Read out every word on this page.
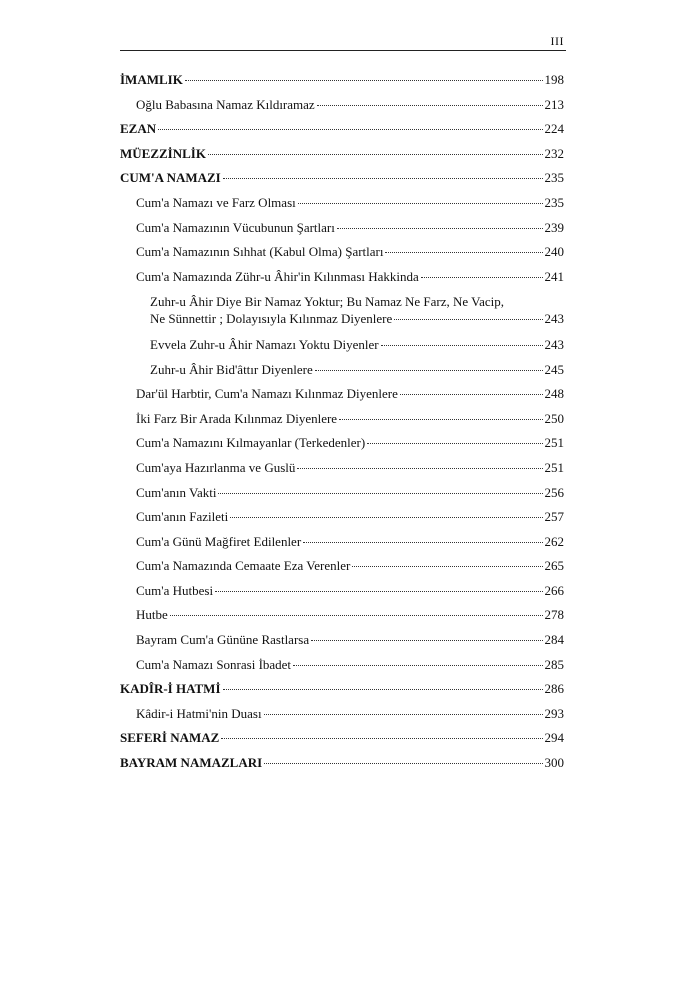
III
İMAMLIK	198
Oğlu Babasına Namaz Kıldıramaz	213
EZAN	224
MÜEZZİNLİK	232
CUM'A NAMAZI	235
Cum'a Namazı ve Farz Olması	235
Cum'a Namazının Vücubunun Şartları	239
Cum'a Namazının Sıhhat (Kabul Olma) Şartları	240
Cum'a Namazında Zühr-u Âhir'in Kılınması Hakkinda	241
Zuhr-u Âhir Diye Bir Namaz Yoktur; Bu Namaz Ne Farz, Ne Vacip,
Ne Sünnettir ; Dolayısıyla Kılınmaz Diyenlere	243
Evvela Zuhr-u Âhir Namazı Yoktu Diyenler	243
Zuhr-u Âhir Bid'âttır Diyenlere	245
Dar'ül Harbtir, Cum'a Namazı Kılınmaz Diyenlere	248
İki Farz Bir Arada Kılınmaz Diyenlere	250
Cum'a Namazını Kılmayanlar (Terkedenler)	251
Cum'aya Hazırlanma ve Guslü	251
Cum'anın Vakti	256
Cum'anın Fazileti	257
Cum'a Günü Mağfiret Edilenler	262
Cum'a Namazında Cemaate Eza Verenler	265
Cum'a Hutbesi	266
Hutbe	278
Bayram Cum'a Gününe Rastlarsa	284
Cum'a Namazı Sonrasi İbadet	285
KADÎR-İ HATMİ	286
Kâdir-i Hatmi'nin Duası	293
SEFERİ NAMAZ	294
BAYRAM NAMAZLARI	300
